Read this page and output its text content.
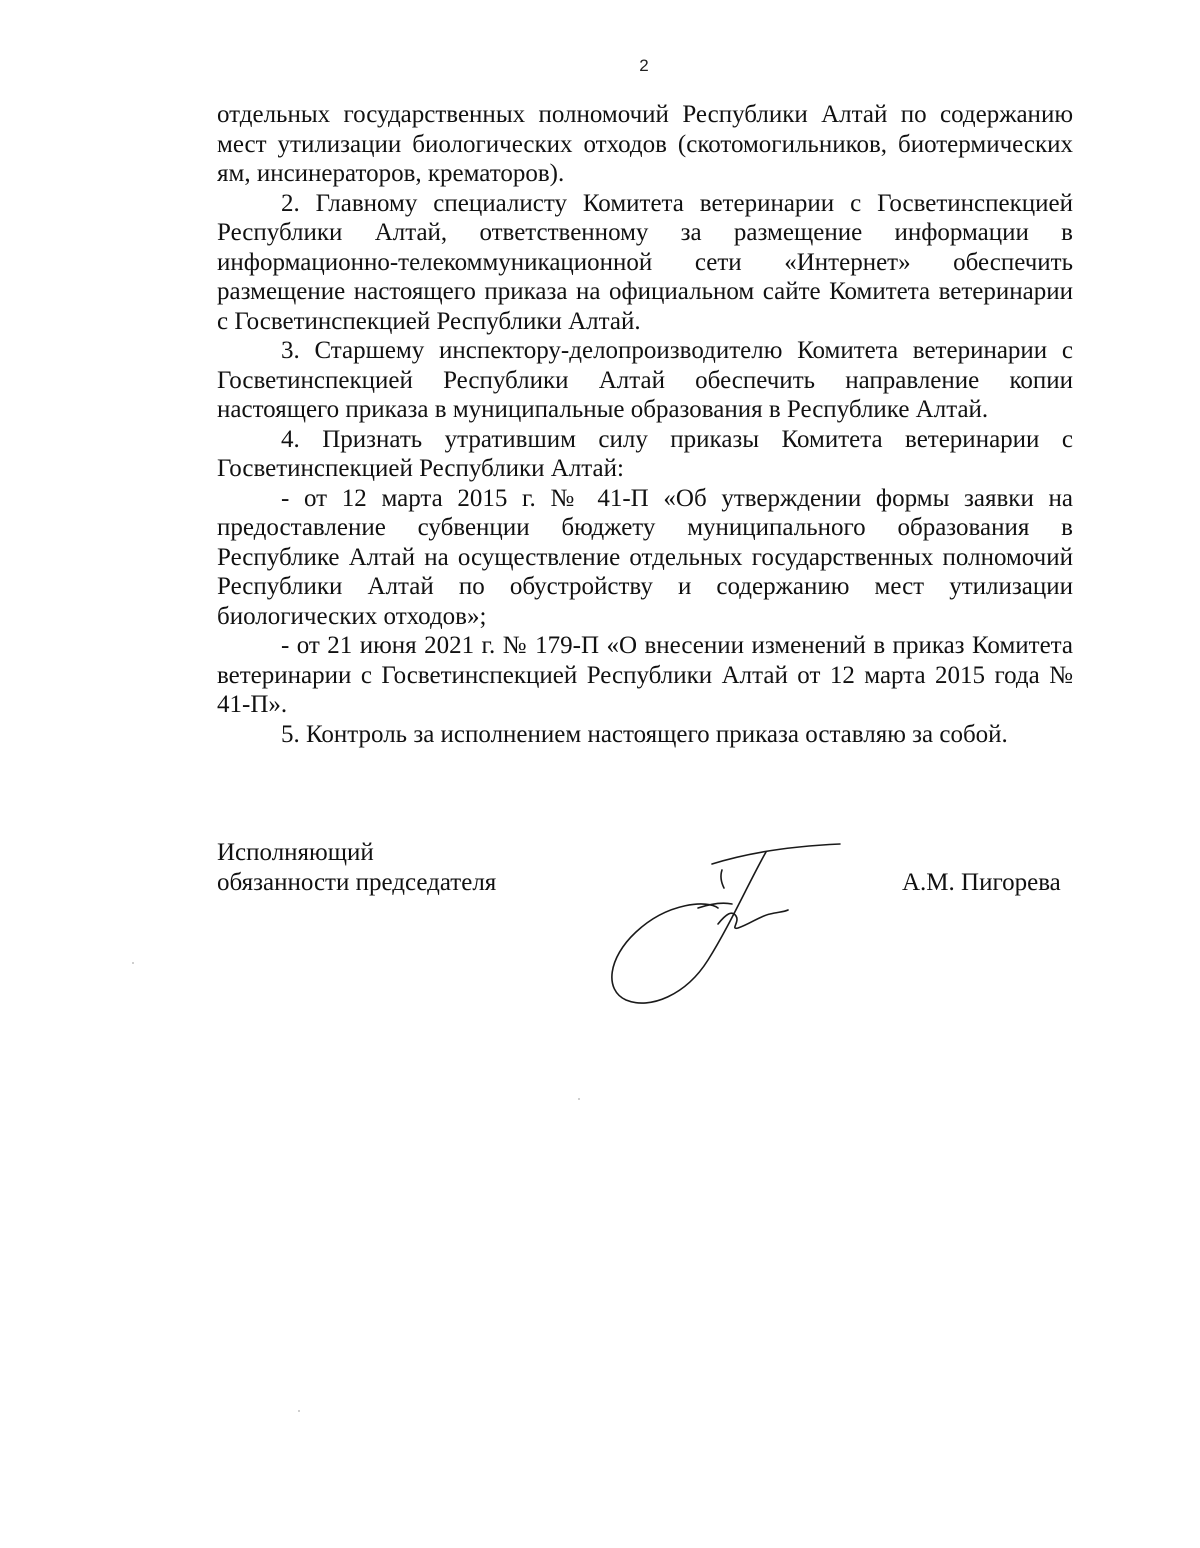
2

отдельных государственных полномочий Республики Алтай по содержанию мест утилизации биологических отходов (скотомогильников, биотермических ям, инсинераторов, крематоров).

2. Главному специалисту Комитета ветеринарии с Госветинспекцией Республики Алтай, ответственному за размещение информации в информационно-телекоммуникационной сети «Интернет» обеспечить размещение настоящего приказа на официальном сайте Комитета ветеринарии с Госветинспекцией Республики Алтай.

3. Старшему инспектору-делопроизводителю Комитета ветеринарии с Госветинспекцией Республики Алтай обеспечить направление копии настоящего приказа в муниципальные образования в Республике Алтай.

4. Признать утратившим силу приказы Комитета ветеринарии с Госветинспекцией Республики Алтай:

- от 12 марта 2015 г. № 41-П «Об утверждении формы заявки на предоставление субвенции бюджету муниципального образования в Республике Алтай на осуществление отдельных государственных полномочий Республики Алтай по обустройству и содержанию мест утилизации биологических отходов»;

- от 21 июня 2021 г. № 179-П «О внесении изменений в приказ Комитета ветеринарии с Госветинспекцией Республики Алтай от 12 марта 2015 года № 41-П».

5. Контроль за исполнением настоящего приказа оставляю за собой.

Исполняющий
обязанности председателя	А.М. Пигорева
